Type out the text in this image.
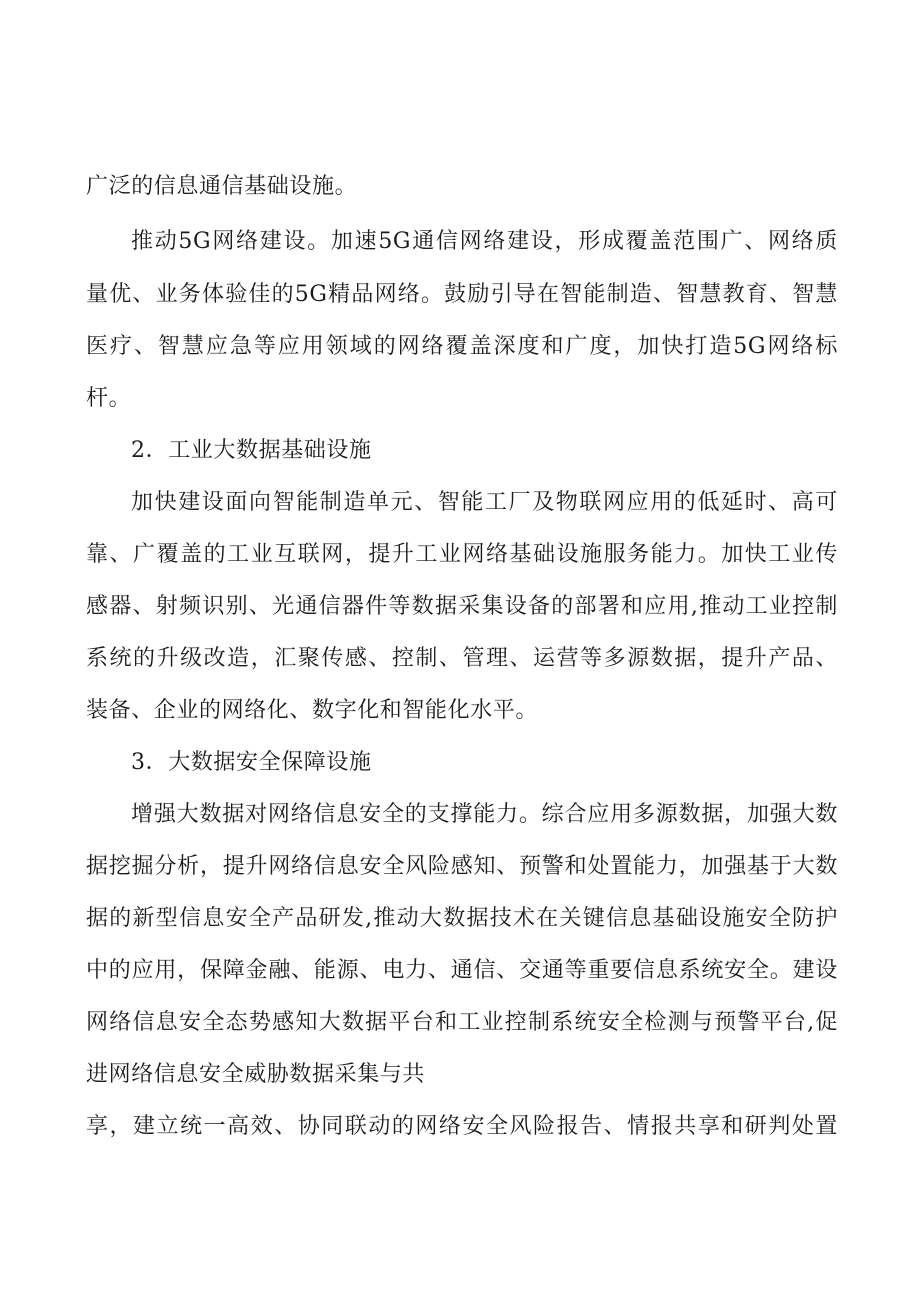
广泛的信息通信基础设施。
推动5G网络建设。加速5G通信网络建设，形成覆盖范围广、网络质
量优、业务体验佳的5G精品网络。鼓励引导在智能制造、智慧教育、智慧
医疗、智慧应急等应用领域的网络覆盖深度和广度，加快打造5G网络标
杆。
2．工业大数据基础设施
加快建设面向智能制造单元、智能工厂及物联网应用的低延时、高可
靠、广覆盖的工业互联网，提升工业网络基础设施服务能力。加快工业传
感器、射频识别、光通信器件等数据采集设备的部署和应用,推动工业控制
系统的升级改造，汇聚传感、控制、管理、运营等多源数据，提升产品、
装备、企业的网络化、数字化和智能化水平。
3．大数据安全保障设施
增强大数据对网络信息安全的支撑能力。综合应用多源数据，加强大数
据挖掘分析，提升网络信息安全风险感知、预警和处置能力，加强基于大数
据的新型信息安全产品研发,推动大数据技术在关键信息基础设施安全防护
中的应用，保障金融、能源、电力、通信、交通等重要信息系统安全。建设
网络信息安全态势感知大数据平台和工业控制系统安全检测与预警平台,促
进网络信息安全威胁数据采集与共
享，建立统一高效、协同联动的网络安全风险报告、情报共享和研判处置
